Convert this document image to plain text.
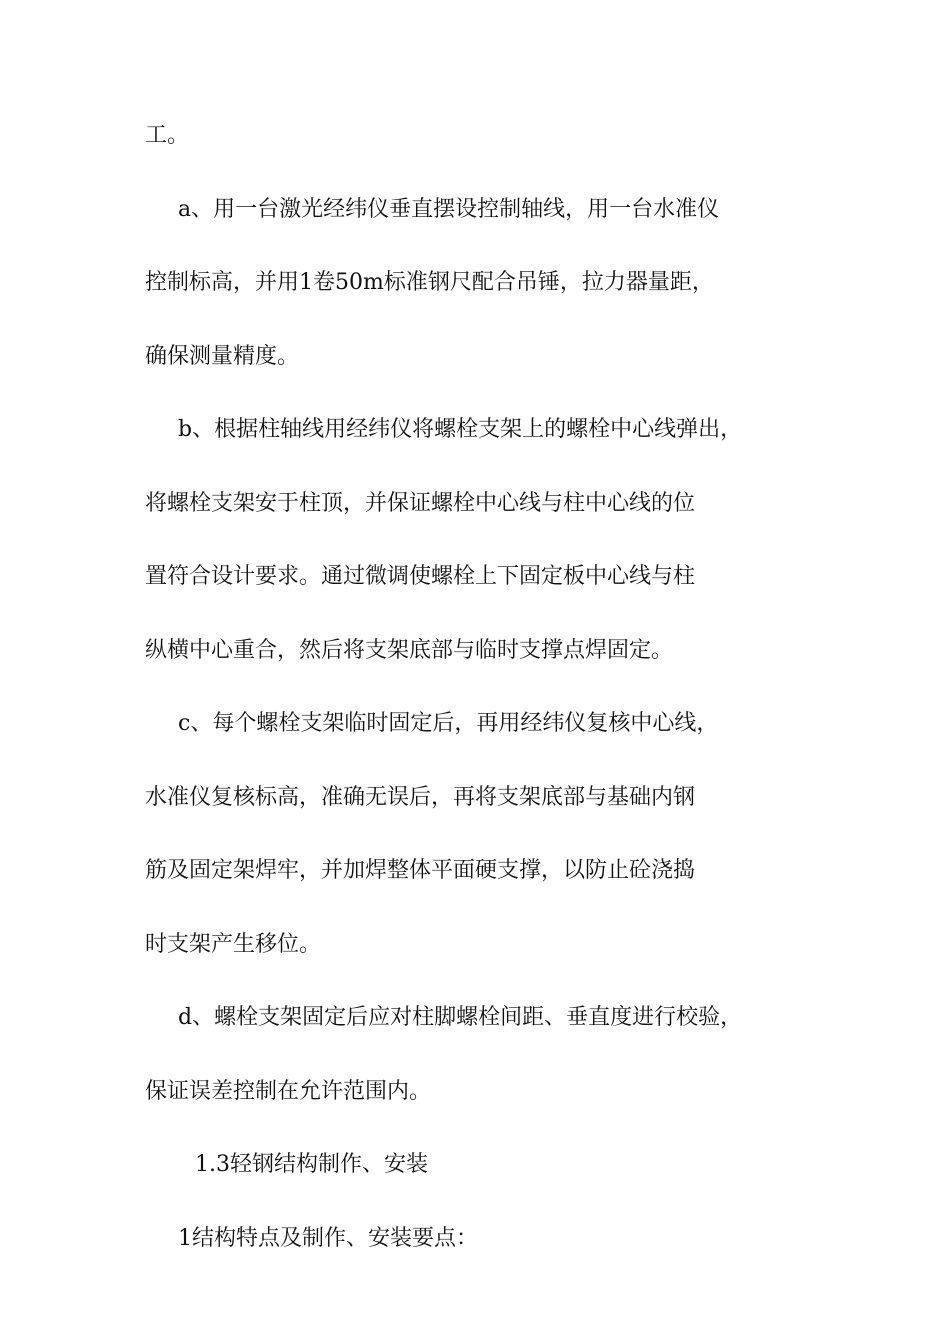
工。
a、用一台激光经纬仪垂直摆设控制轴线，用一台水准仪
控制标高，并用1卷50m标准钢尺配合吊锤，拉力器量距，
确保测量精度。
b、根据柱轴线用经纬仪将螺栓支架上的螺栓中心线弹出，
将螺栓支架安于柱顶，并保证螺栓中心线与柱中心线的位
置符合设计要求。通过微调使螺栓上下固定板中心线与柱
纵横中心重合，然后将支架底部与临时支撑点焊固定。
c、每个螺栓支架临时固定后，再用经纬仪复核中心线，
水准仪复核标高，准确无误后，再将支架底部与基础内钢
筋及固定架焊牢，并加焊整体平面硬支撑，以防止砼浇捣
时支架产生移位。
d、螺栓支架固定后应对柱脚螺栓间距、垂直度进行校验，
保证误差控制在允许范围内。
1.3轻钢结构制作、安装
1结构特点及制作、安装要点：
